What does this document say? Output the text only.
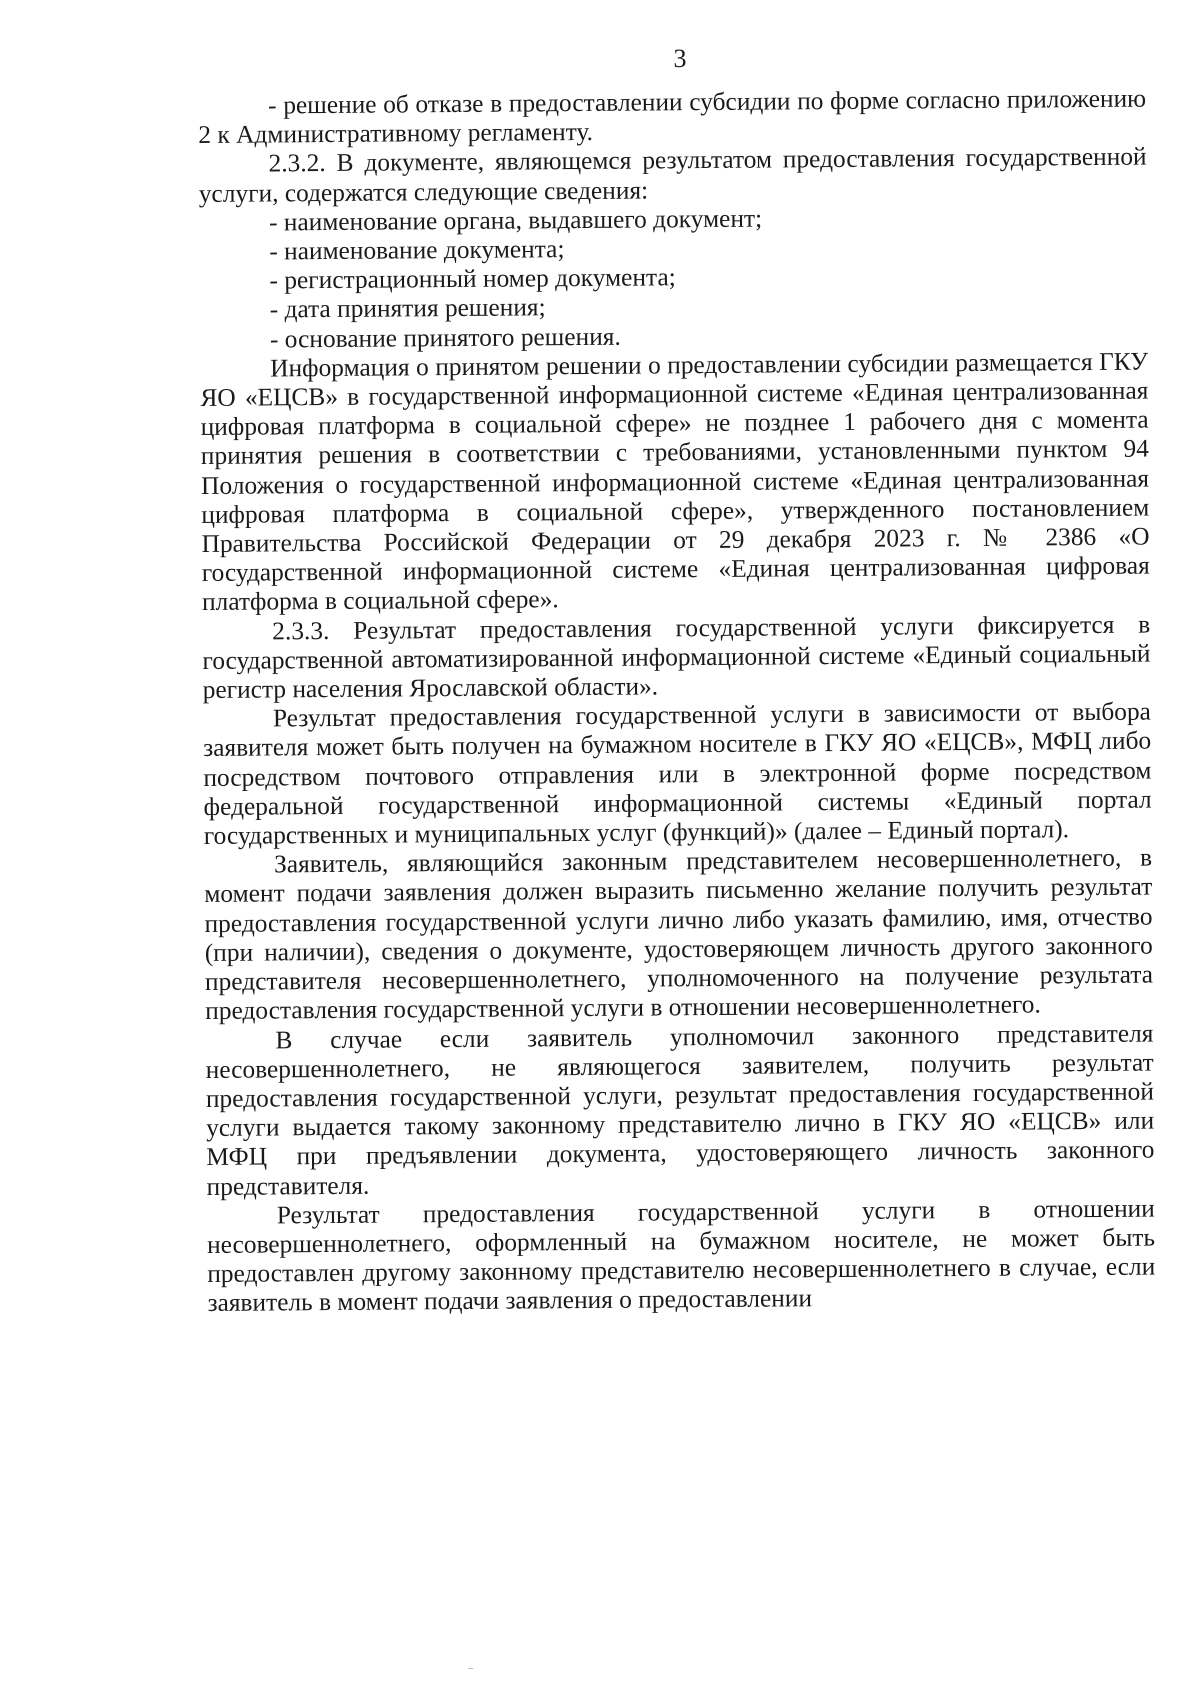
3

- решение об отказе в предоставлении субсидии по форме согласно приложению 2 к Административному регламенту.

2.3.2. В документе, являющемся результатом предоставления государственной услуги, содержатся следующие сведения:

- наименование органа, выдавшего документ;

- наименование документа;

- регистрационный номер документа;

- дата принятия решения;

- основание принятого решения.

Информация о принятом решении о предоставлении субсидии размещается ГКУ ЯО «ЕЦСВ» в государственной информационной системе «Единая централизованная цифровая платформа в социальной сфере» не позднее 1 рабочего дня с момента принятия решения в соответствии с требованиями, установленными пунктом 94 Положения о государственной информационной системе «Единая централизованная цифровая платформа в социальной сфере», утвержденного постановлением Правительства Российской Федерации от 29 декабря 2023 г. № 2386 «О государственной информационной системе «Единая централизованная цифровая платформа в социальной сфере».

2.3.3. Результат предоставления государственной услуги фиксируется в государственной автоматизированной информационной системе «Единый социальный регистр населения Ярославской области».

Результат предоставления государственной услуги в зависимости от выбора заявителя может быть получен на бумажном носителе в ГКУ ЯО «ЕЦСВ», МФЦ либо посредством почтового отправления или в электронной форме посредством федеральной государственной информационной системы «Единый портал государственных и муниципальных услуг (функций)» (далее – Единый портал).

Заявитель, являющийся законным представителем несовершеннолетнего, в момент подачи заявления должен выразить письменно желание получить результат предоставления государственной услуги лично либо указать фамилию, имя, отчество (при наличии), сведения о документе, удостоверяющем личность другого законного представителя несовершеннолетнего, уполномоченного на получение результата предоставления государственной услуги в отношении несовершеннолетнего.

В случае если заявитель уполномочил законного представителя несовершеннолетнего, не являющегося заявителем, получить результат предоставления государственной услуги, результат предоставления государственной услуги выдается такому законному представителю лично в ГКУ ЯО «ЕЦСВ» или МФЦ при предъявлении документа, удостоверяющего личность законного представителя.

Результат предоставления государственной услуги в отношении несовершеннолетнего, оформленный на бумажном носителе, не может быть предоставлен другому законному представителю несовершеннолетнего в случае, если заявитель в момент подачи заявления о предоставлении
